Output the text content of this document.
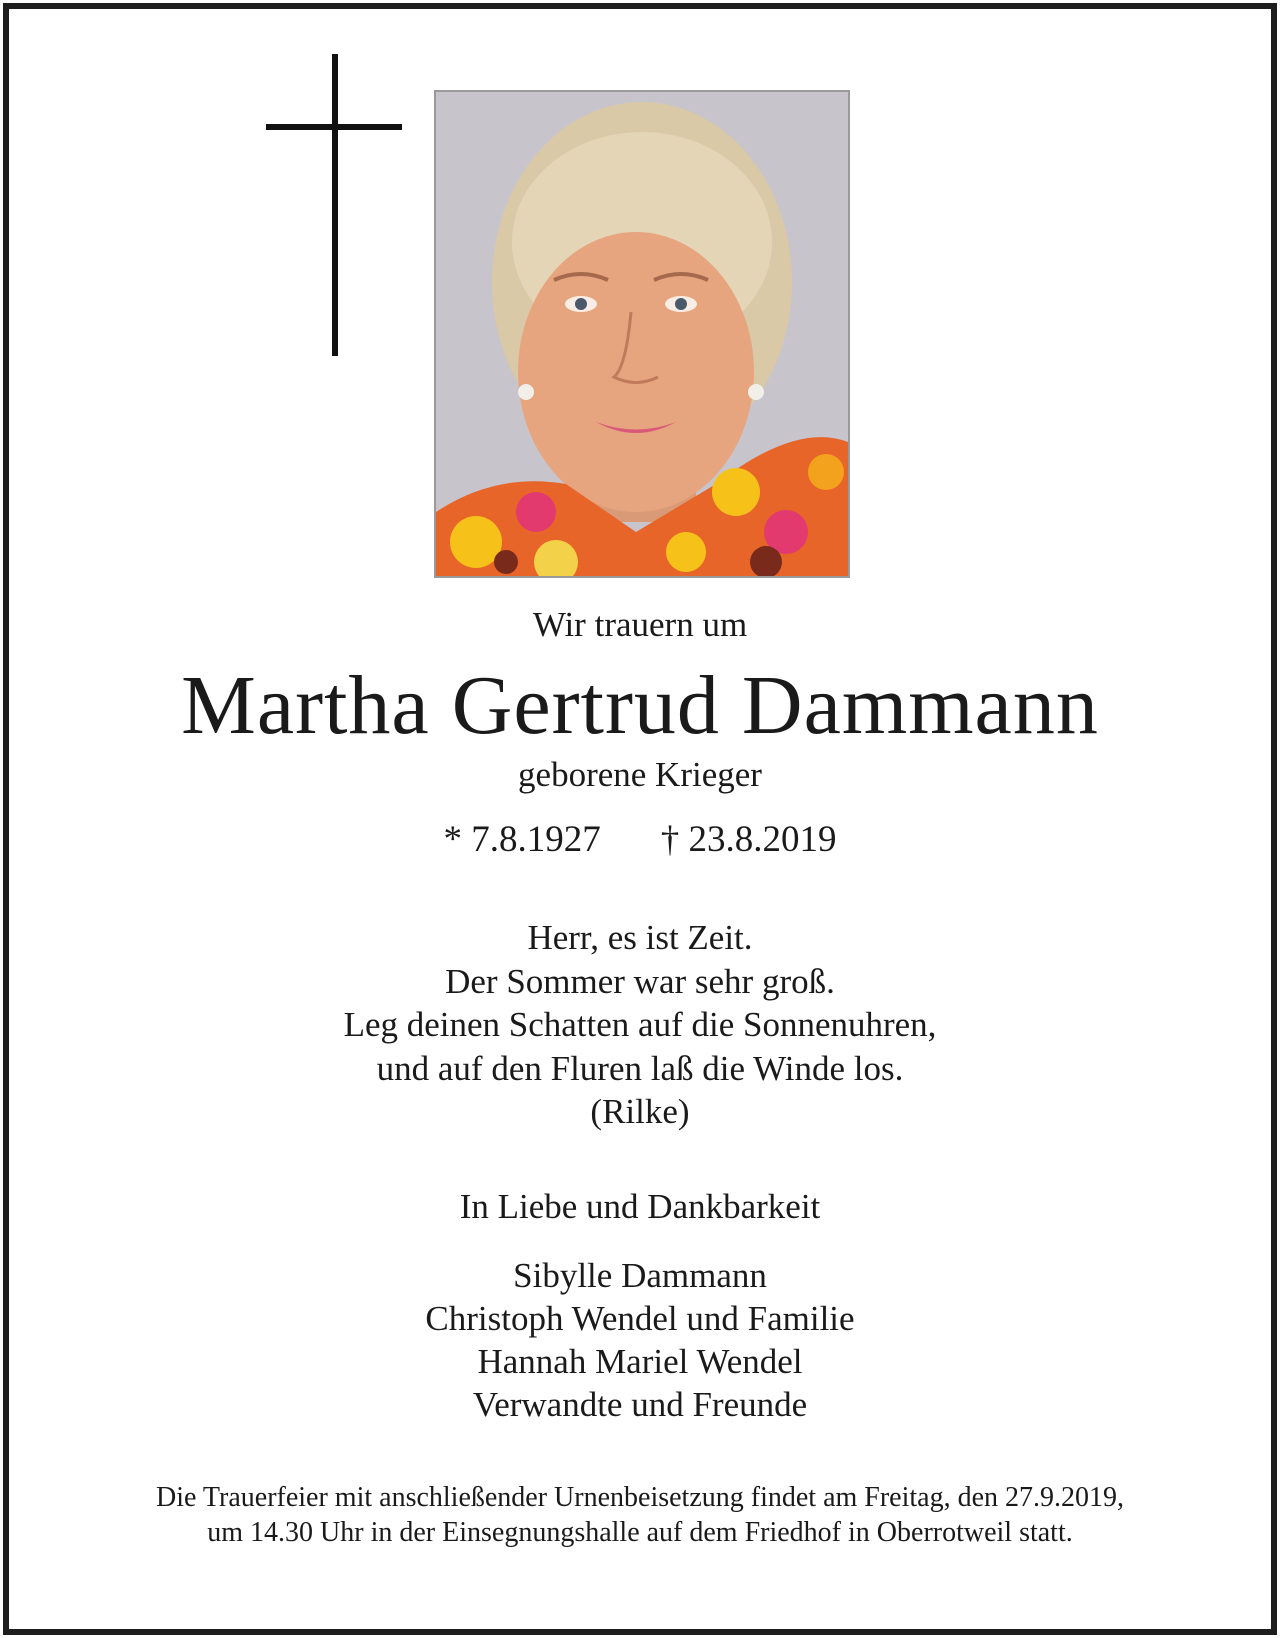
Wir trauern um
Martha Gertrud Dammann
geborene Krieger
* 7.8.1927 † 23.8.2019
Herr, es ist Zeit.
Der Sommer war sehr groß.
Leg deinen Schatten auf die Sonnenuhren,
und auf den Fluren laß die Winde los.
(Rilke)
In Liebe und Dankbarkeit
Sibylle Dammann
Christoph Wendel und Familie
Hannah Mariel Wendel
Verwandte und Freunde
Die Trauerfeier mit anschließender Urnenbeisetzung findet am Freitag, den 27.9.2019,
um 14.30 Uhr in der Einsegnungshalle auf dem Friedhof in Oberrotweil statt.
